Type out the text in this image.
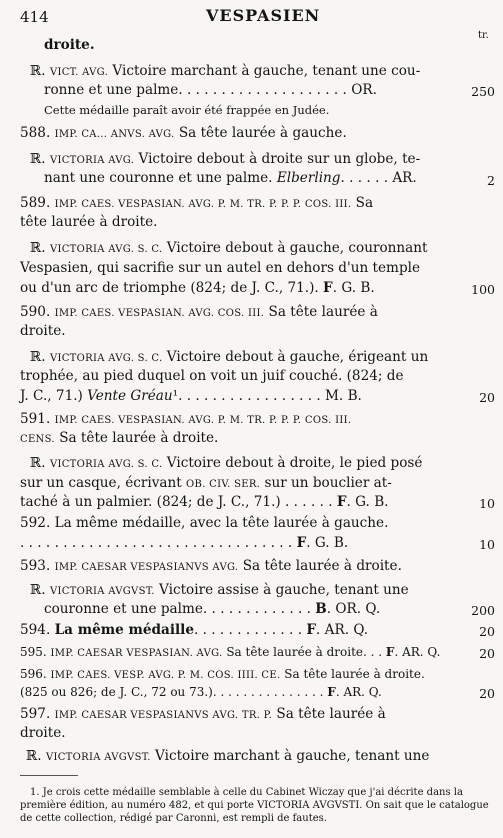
414	VESPASIEN
tr.
droite.
ℝ. VICT. AVG. Victoire marchant à gauche, tenant une cou-
ronne et une palme. . . . . . . . . . . . . . . . . . . . OR.
Cette médaille paraît avoir été frappée en Judée.
588. IMP. CA... ANVS. AVG. Sa tête laurée à gauche.
ℝ. VICTORIA AVG. Victoire debout à droite sur un globe, te-
nant une couronne et une palme. Elberling. . . . . . AR.
589. IMP. CAES. VESPASIAN. AVG. P. M. TR. P. P. P. COS. III. Sa
tête laurée à droite.
ℝ. VICTORIA AVG. S. C. Victoire debout à gauche, couronnant
Vespasien, qui sacrifie sur un autel en dehors d'un temple
ou d'un arc de triomphe (824; de J. C., 71.). F. G. B.
590. IMP. CAES. VESPASIAN. AVG. COS. III. Sa tête laurée à
droite.
ℝ. VICTORIA AVG. S. C. Victoire debout à gauche, érigeant un
trophée, au pied duquel on voit un juif couché. (824; de
J. C., 71.) Vente Gréau¹. . . . . . . . . . . . . . . . . M. B.
591. IMP. CAES. VESPASIAN. AVG. P. M. TR. P. P. P. COS. III.
CENS. Sa tête laurée à droite.
ℝ. VICTORIA AVG. S. C. Victoire debout à droite, le pied posé
sur un casque, écrivant OB. CIV. SER. sur un bouclier at-
taché à un palmier. (824; de J. C., 71.) . . . . . . F. G. B.
592. La même médaille, avec la tête laurée à gauche.
. . . . . . . . . . . . . . . . . . . . . . . . . . . . . . . . F. G. B.
593. IMP. CAESAR VESPASIANVS AVG. Sa tête laurée à droite.
ℝ. VICTORIA AVGVST. Victoire assise à gauche, tenant une
couronne et une palme. . . . . . . . . . . . . B. OR. Q.
594. La même médaille. . . . . . . . . . . . . F. AR. Q.
595. IMP. CAESAR VESPASIAN. AVG. Sa tête laurée à droite. . . F. AR. Q.
596. IMP. CAES. VESP. AVG. P. M. COS. IIII. CE. Sa tête laurée à droite.
(825 ou 826; de J. C., 72 ou 73.). . . . . . . . . . . . . . . F. AR. Q.
597. IMP. CAESAR VESPASIANVS AVG. TR. P. Sa tête laurée à
droite.
ℝ. VICTORIA AVGVST. Victoire marchant à gauche, tenant une
250
2
100
20
10
10
200
20
20
20
1. Je crois cette médaille semblable à celle du Cabinet Wiczay que j'ai décrite dans la
première édition, au numéro 482, et qui porte VICTORIA AVGVSTI. On sait que le catalogue
de cette collection, rédigé par Caronni, est rempli de fautes.
